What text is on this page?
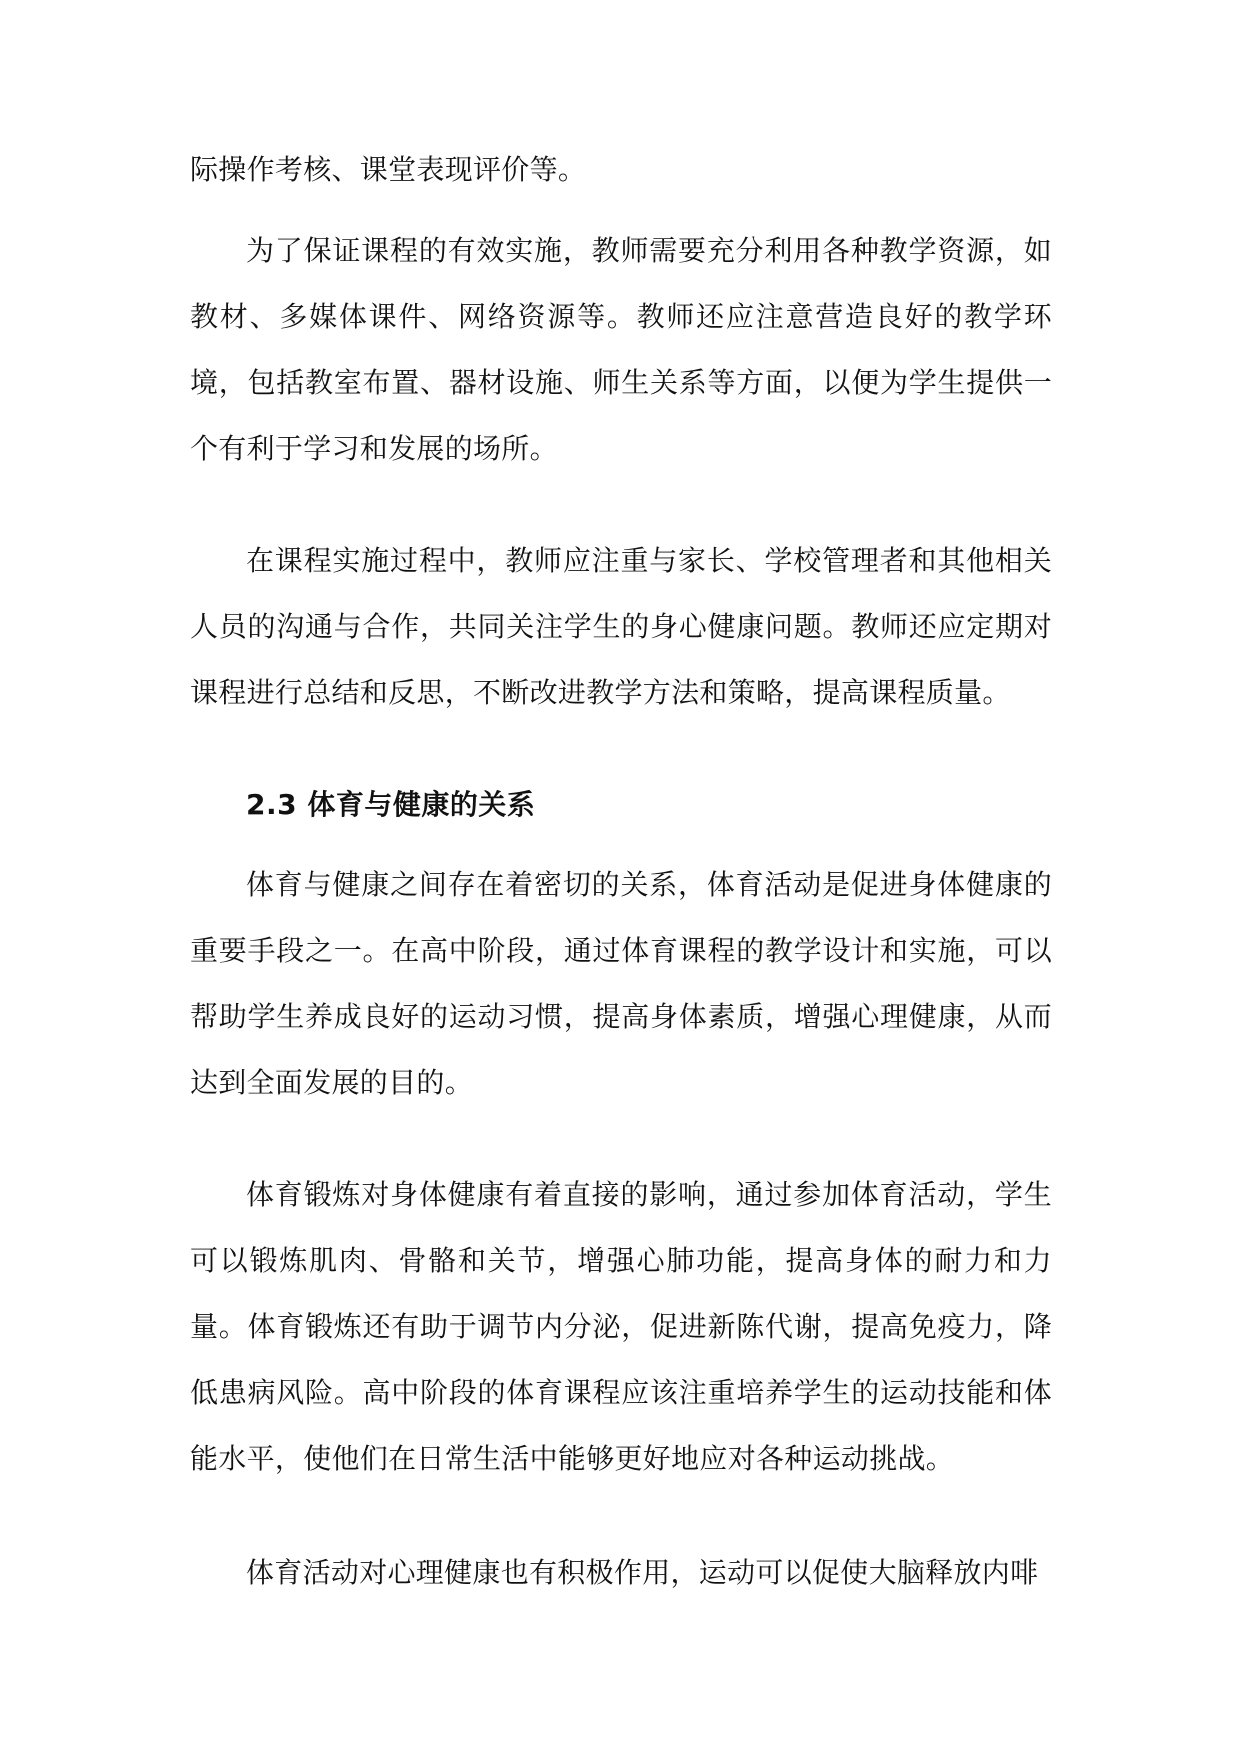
际操作考核、课堂表现评价等。

为了保证课程的有效实施，教师需要充分利用各种教学资源，如教材、多媒体课件、网络资源等。教师还应注意营造良好的教学环境，包括教室布置、器材设施、师生关系等方面，以便为学生提供一个有利于学习和发展的场所。

在课程实施过程中，教师应注重与家长、学校管理者和其他相关人员的沟通与合作，共同关注学生的身心健康问题。教师还应定期对课程进行总结和反思，不断改进教学方法和策略，提高课程质量。

2.3 体育与健康的关系

体育与健康之间存在着密切的关系，体育活动是促进身体健康的重要手段之一。在高中阶段，通过体育课程的教学设计和实施，可以帮助学生养成良好的运动习惯，提高身体素质，增强心理健康，从而达到全面发展的目的。

体育锻炼对身体健康有着直接的影响，通过参加体育活动，学生可以锻炼肌肉、骨骼和关节，增强心肺功能，提高身体的耐力和力量。体育锻炼还有助于调节内分泌，促进新陈代谢，提高免疫力，降低患病风险。高中阶段的体育课程应该注重培养学生的运动技能和体能水平，使他们在日常生活中能够更好地应对各种运动挑战。

体育活动对心理健康也有积极作用，运动可以促使大脑释放内啡
